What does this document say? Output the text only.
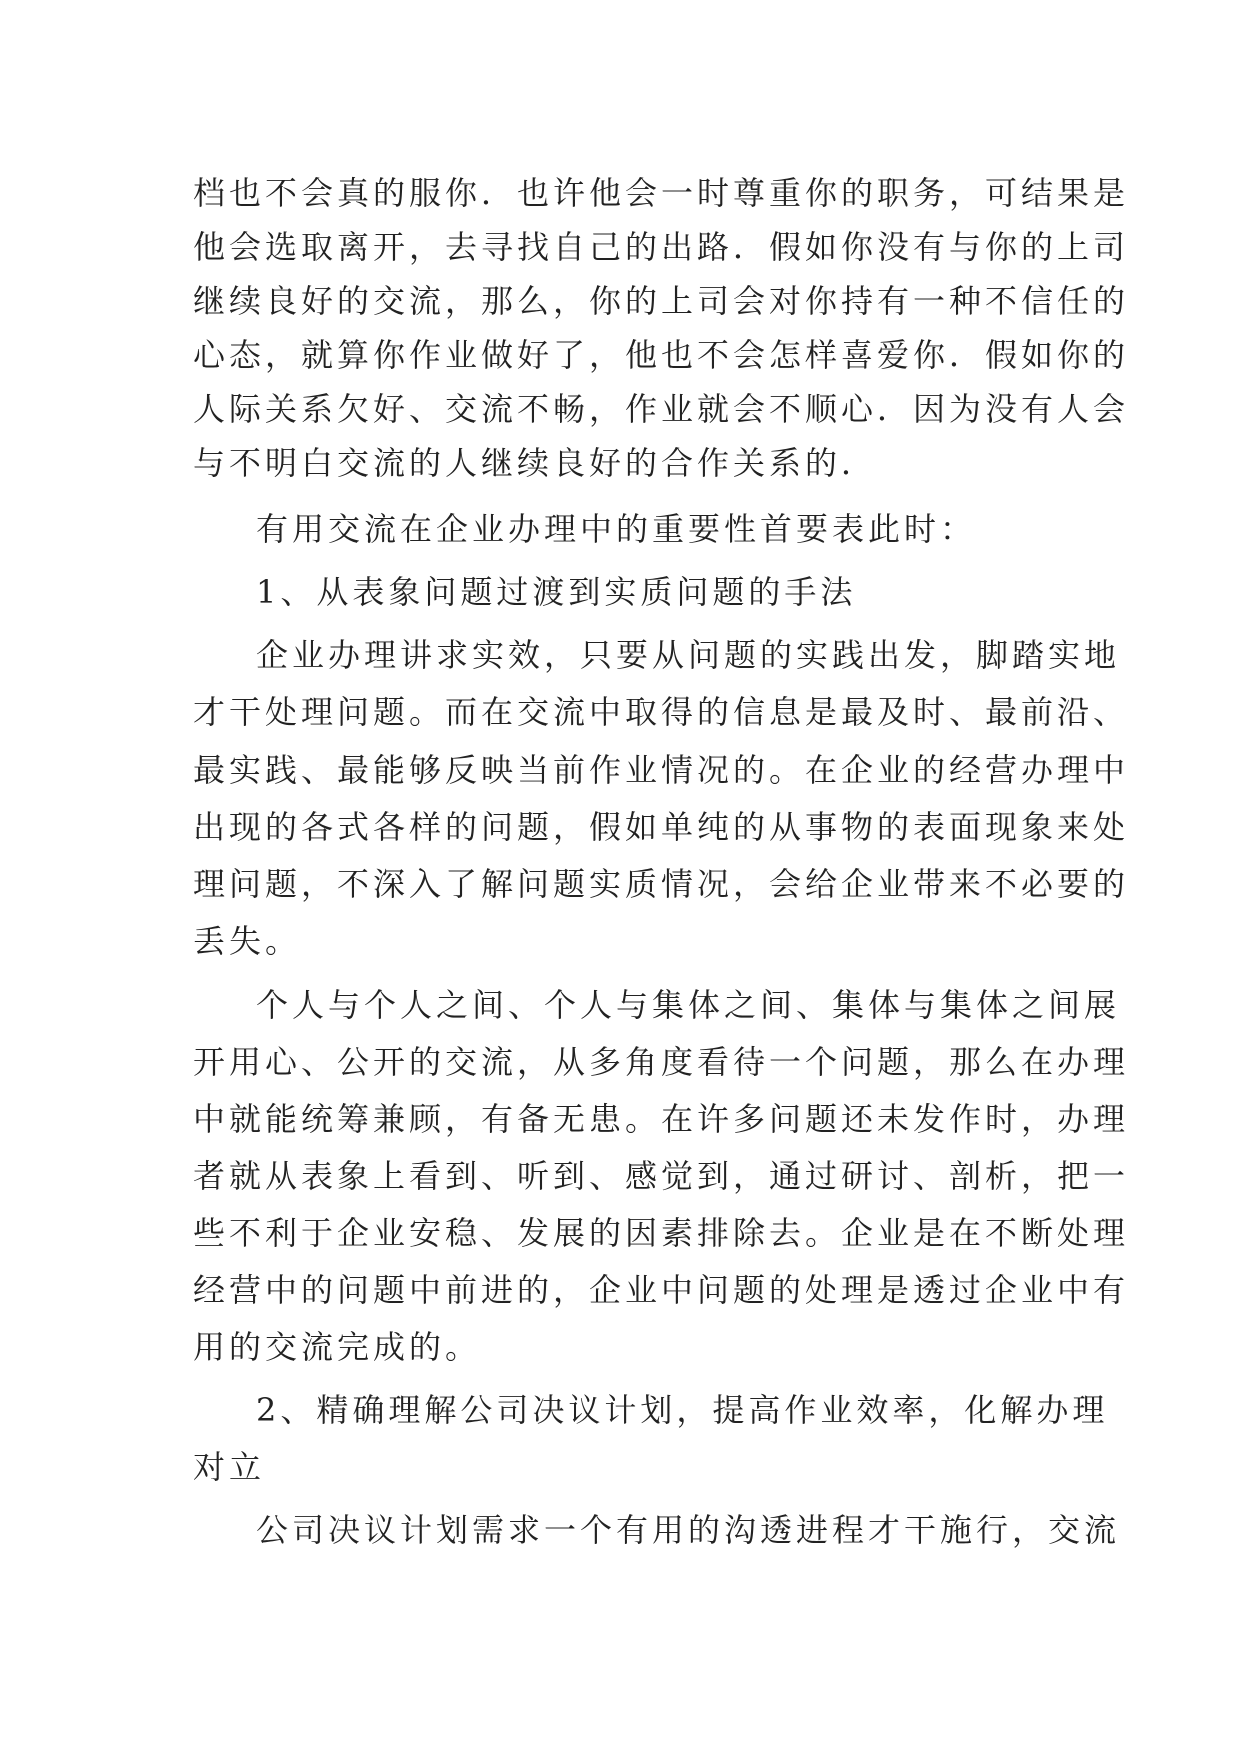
档也不会真的服你．也许他会一时尊重你的职务，可结果是
他会选取离开，去寻找自己的出路．假如你没有与你的上司
继续良好的交流，那么，你的上司会对你持有一种不信任的
心态，就算你作业做好了，他也不会怎样喜爱你．假如你的
人际关系欠好、交流不畅，作业就会不顺心．因为没有人会
与不明白交流的人继续良好的合作关系的．
有用交流在企业办理中的重要性首要表此时：
1、从表象问题过渡到实质问题的手法
企业办理讲求实效，只要从问题的实践出发，脚踏实地
才干处理问题。而在交流中取得的信息是最及时、最前沿、
最实践、最能够反映当前作业情况的。在企业的经营办理中
出现的各式各样的问题，假如单纯的从事物的表面现象来处
理问题，不深入了解问题实质情况，会给企业带来不必要的
丢失。
个人与个人之间、个人与集体之间、集体与集体之间展
开用心、公开的交流，从多角度看待一个问题，那么在办理
中就能统筹兼顾，有备无患。在许多问题还未发作时，办理
者就从表象上看到、听到、感觉到，通过研讨、剖析，把一
些不利于企业安稳、发展的因素排除去。企业是在不断处理
经营中的问题中前进的，企业中问题的处理是透过企业中有
用的交流完成的。
2、精确理解公司决议计划，提高作业效率，化解办理
对立
公司决议计划需求一个有用的沟透进程才干施行，交流
